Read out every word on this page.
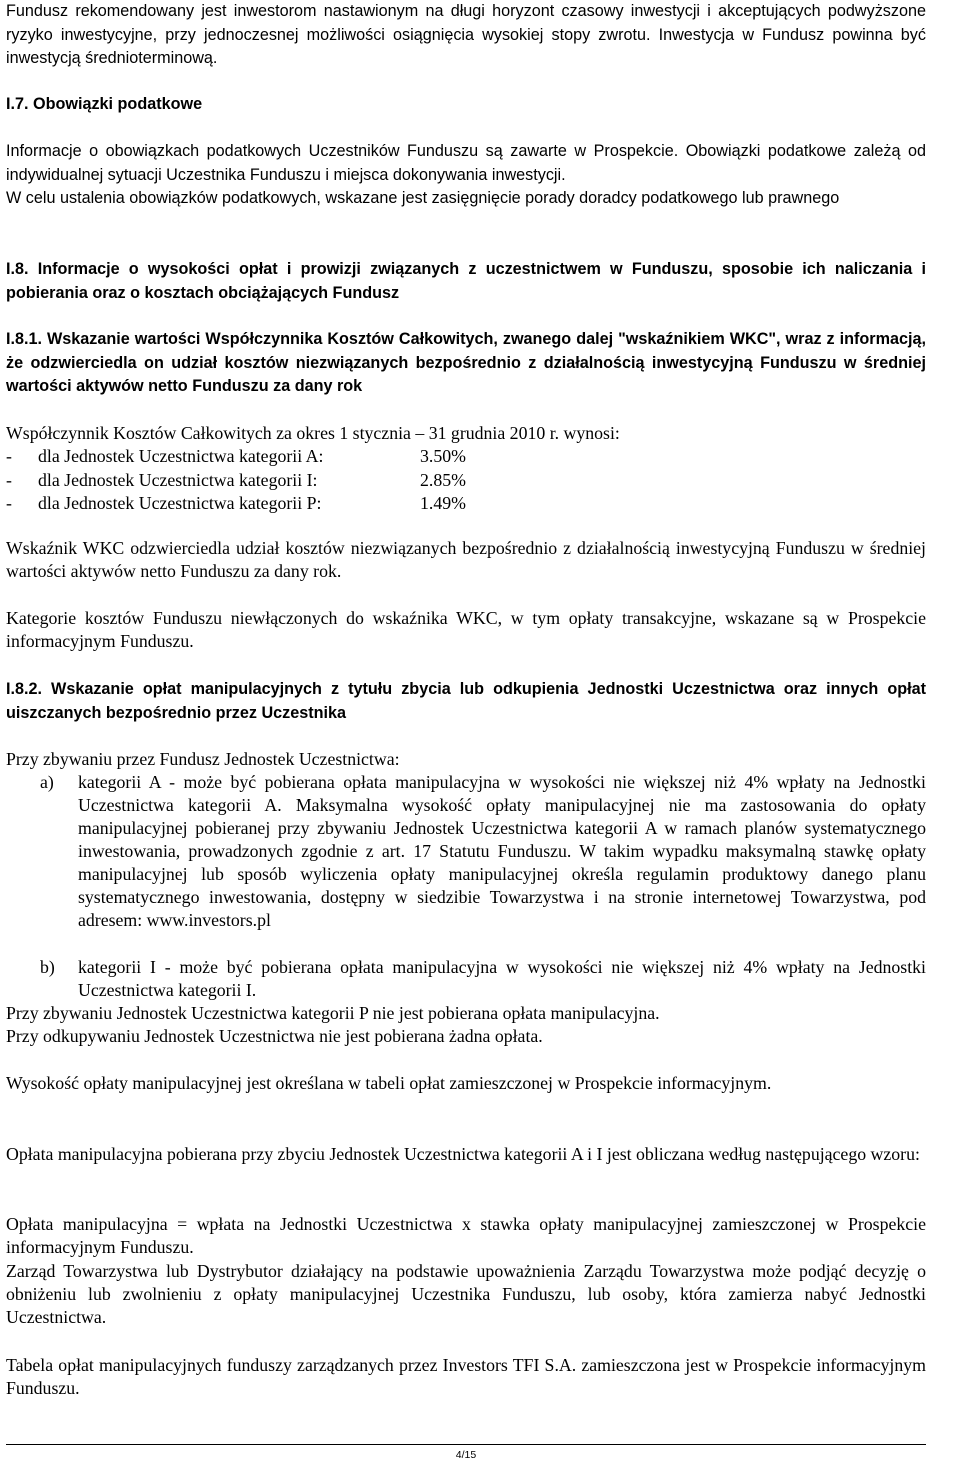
Fundusz rekomendowany jest inwestorom nastawionym na długi horyzont czasowy inwestycji i akceptujących podwyższone ryzyko inwestycyjne, przy jednoczesnej możliwości osiągnięcia wysokiej stopy zwrotu. Inwestycja w Fundusz powinna być inwestycją średnioterminową.

I.7. Obowiązki podatkowe

Informacje o obowiązkach podatkowych Uczestników Funduszu są zawarte w Prospekcie. Obowiązki podatkowe zależą od indywidualnej sytuacji Uczestnika Funduszu i miejsca dokonywania inwestycji.

W celu ustalenia obowiązków podatkowych, wskazane jest zasięgnięcie porady doradcy podatkowego lub prawnego

I.8. Informacje o wysokości opłat i prowizji związanych z uczestnictwem w Funduszu, sposobie ich naliczania i pobierania oraz o kosztach obciążających Fundusz

I.8.1. Wskazanie wartości Współczynnika Kosztów Całkowitych, zwanego dalej "wskaźnikiem WKC", wraz z informacją, że odzwierciedla on udział kosztów niezwiązanych bezpośrednio z działalnością inwestycyjną Funduszu w średniej wartości aktywów netto Funduszu za dany rok

Współczynnik Kosztów Całkowitych za okres 1 stycznia – 31 grudnia 2010 r. wynosi:

- dla Jednostek Uczestnictwa kategorii A:	3.50%
- dla Jednostek Uczestnictwa kategorii I:	2.85%
- dla Jednostek Uczestnictwa kategorii P:	1.49%

Wskaźnik WKC odzwierciedla udział kosztów niezwiązanych bezpośrednio z działalnością inwestycyjną Funduszu w średniej wartości aktywów netto Funduszu za dany rok.

Kategorie kosztów Funduszu niewłączonych do wskaźnika WKC, w tym opłaty transakcyjne, wskazane są w Prospekcie informacyjnym Funduszu.

I.8.2. Wskazanie opłat manipulacyjnych z tytułu zbycia lub odkupienia Jednostki Uczestnictwa oraz innych opłat uiszczanych bezpośrednio przez Uczestnika

Przy zbywaniu przez Fundusz Jednostek Uczestnictwa:

a) kategorii A - może być pobierana opłata manipulacyjna w wysokości nie większej niż 4% wpłaty na Jednostki Uczestnictwa kategorii A. Maksymalna wysokość opłaty manipulacyjnej nie ma zastosowania do opłaty manipulacyjnej pobieranej przy zbywaniu Jednostek Uczestnictwa kategorii A w ramach planów systematycznego inwestowania, prowadzonych zgodnie z art. 17 Statutu Funduszu. W takim wypadku maksymalną stawkę opłaty manipulacyjnej lub sposób wyliczenia opłaty manipulacyjnej określa regulamin produktowy danego planu systematycznego inwestowania, dostępny w siedzibie Towarzystwa i na stronie internetowej Towarzystwa, pod adresem: www.investors.pl

b) kategorii I - może być pobierana opłata manipulacyjna w wysokości nie większej niż 4% wpłaty na Jednostki Uczestnictwa kategorii I.

Przy zbywaniu Jednostek Uczestnictwa kategorii P nie jest pobierana opłata manipulacyjna.

Przy odkupywaniu Jednostek Uczestnictwa nie jest pobierana żadna opłata.

Wysokość opłaty manipulacyjnej jest określana w tabeli opłat zamieszczonej w Prospekcie informacyjnym.

Opłata manipulacyjna pobierana przy zbyciu Jednostek Uczestnictwa kategorii A i I jest obliczana według następującego wzoru:

Opłata manipulacyjna = wpłata na Jednostki Uczestnictwa x stawka opłaty manipulacyjnej zamieszczonej w Prospekcie informacyjnym Funduszu.

Zarząd Towarzystwa lub Dystrybutor działający na podstawie upoważnienia Zarządu Towarzystwa może podjąć decyzję o obniżeniu lub zwolnieniu z opłaty manipulacyjnej Uczestnika Funduszu, lub osoby, która zamierza nabyć Jednostki Uczestnictwa.

Tabela opłat manipulacyjnych funduszy zarządzanych przez Investors TFI S.A. zamieszczona jest w Prospekcie informacyjnym Funduszu.

4/15
